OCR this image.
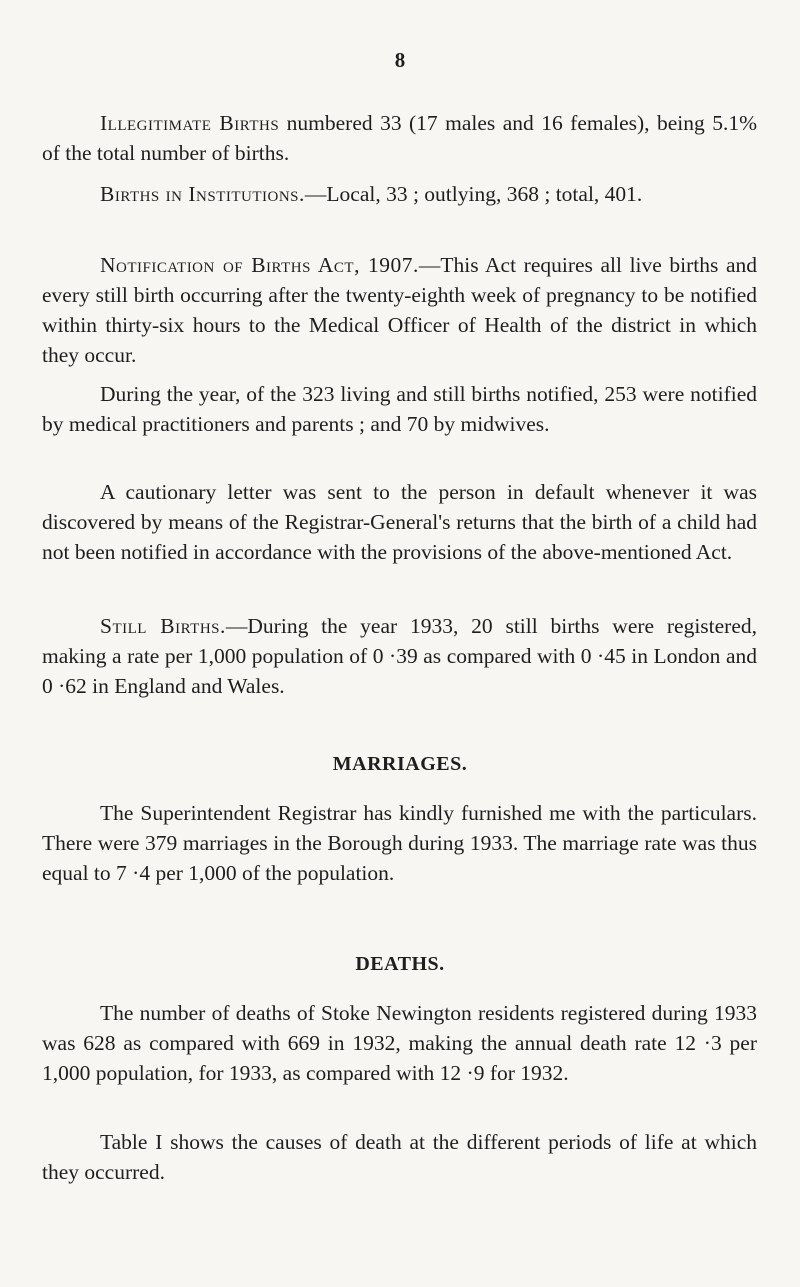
8

Illegitimate Births numbered 33 (17 males and 16 females), being 5.1% of the total number of births.

Births in Institutions.—Local, 33 ; outlying, 368 ; total, 401.

Notification of Births Act, 1907.—This Act requires all live births and every still birth occurring after the twenty-eighth week of pregnancy to be notified within thirty-six hours to the Medical Officer of Health of the district in which they occur.

During the year, of the 323 living and still births notified, 253 were notified by medical practitioners and parents ; and 70 by midwives.

A cautionary letter was sent to the person in default whenever it was discovered by means of the Registrar-General's returns that the birth of a child had not been notified in accordance with the provisions of the above-mentioned Act.

Still Births.—During the year 1933, 20 still births were registered, making a rate per 1,000 population of 0 ·39 as compared with 0 ·45 in London and 0 ·62 in England and Wales.

MARRIAGES.

The Superintendent Registrar has kindly furnished me with the particulars. There were 379 marriages in the Borough during 1933. The marriage rate was thus equal to 7 ·4 per 1,000 of the population.

DEATHS.

The number of deaths of Stoke Newington residents registered during 1933 was 628 as compared with 669 in 1932, making the annual death rate 12 ·3 per 1,000 population, for 1933, as compared with 12 ·9 for 1932.

Table I shows the causes of death at the different periods of life at which they occurred.
